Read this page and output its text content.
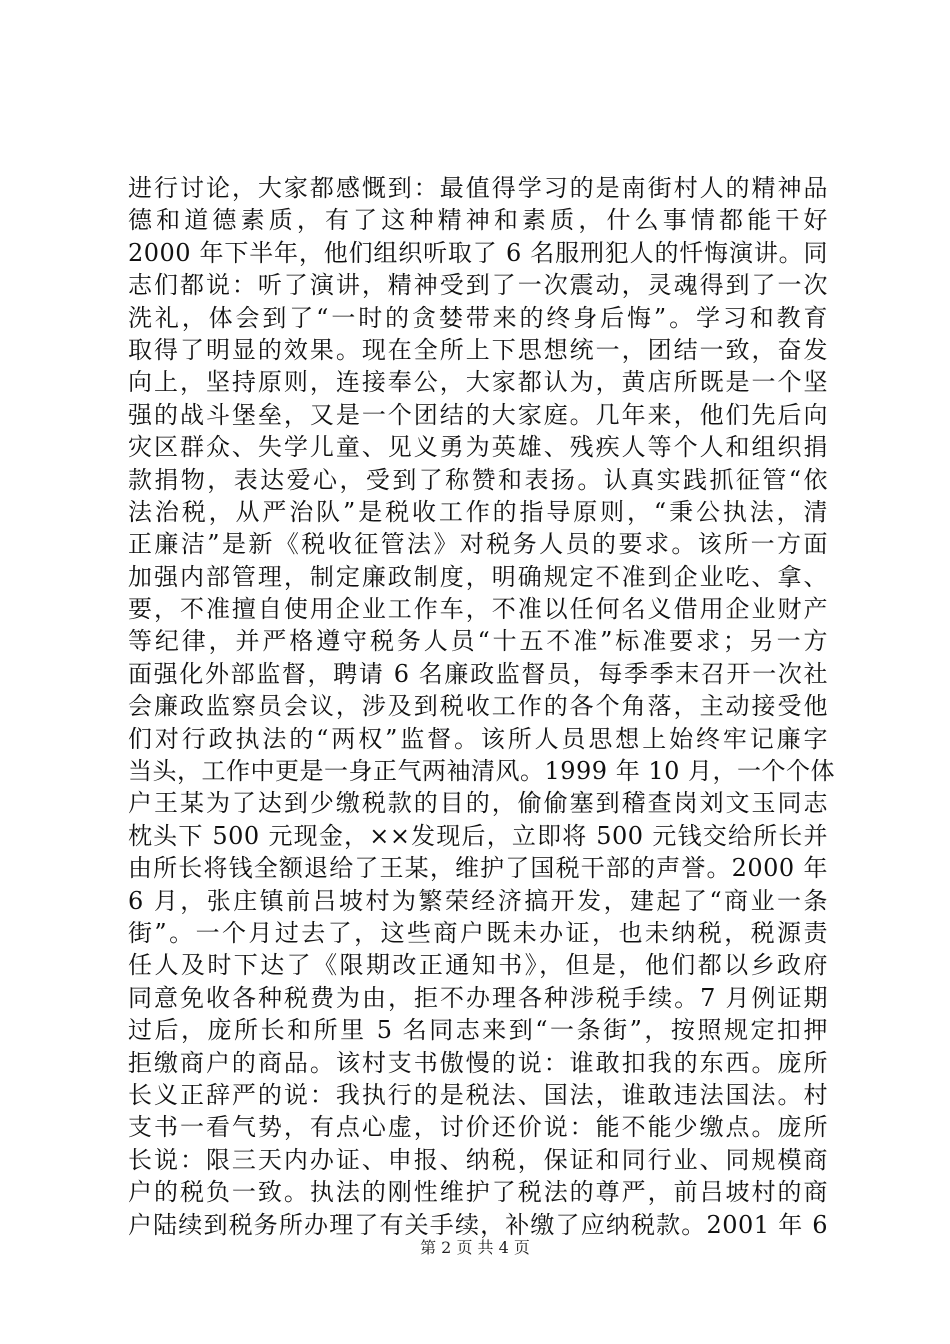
进行讨论，大家都感慨到：最值得学习的是南街村人的精神品
德和道德素质，有了这种精神和素质，什么事情都能干好
2000 年下半年，他们组织听取了 6 名服刑犯人的忏悔演讲。同
志们都说：听了演讲，精神受到了一次震动，灵魂得到了一次
洗礼，体会到了“一时的贪婪带来的终身后悔”。学习和教育
取得了明显的效果。现在全所上下思想统一，团结一致，奋发
向上，坚持原则，连接奉公，大家都认为，黄店所既是一个坚
强的战斗堡垒，又是一个团结的大家庭。几年来，他们先后向
灾区群众、失学儿童、见义勇为英雄、残疾人等个人和组织捐
款捐物，表达爱心，受到了称赞和表扬。认真实践抓征管“依
法治税，从严治队”是税收工作的指导原则，“秉公执法，清
正廉洁”是新《税收征管法》对税务人员的要求。该所一方面
加强内部管理，制定廉政制度，明确规定不准到企业吃、拿、
要，不准擅自使用企业工作车，不准以任何名义借用企业财产
等纪律，并严格遵守税务人员“十五不准”标准要求；另一方
面强化外部监督，聘请 6 名廉政监督员，每季季末召开一次社
会廉政监察员会议，涉及到税收工作的各个角落，主动接受他
们对行政执法的“两权”监督。该所人员思想上始终牢记廉字
当头，工作中更是一身正气两袖清风。1999 年 10 月，一个个体
户王某为了达到少缴税款的目的，偷偷塞到稽查岗刘文玉同志
枕头下 500 元现金，××发现后，立即将 500 元钱交给所长并
由所长将钱全额退给了王某，维护了国税干部的声誉。2000 年
6 月，张庄镇前吕坡村为繁荣经济搞开发，建起了“商业一条
街”。一个月过去了，这些商户既未办证，也未纳税，税源责
任人及时下达了《限期改正通知书》，但是，他们都以乡政府
同意免收各种税费为由，拒不办理各种涉税手续。7 月例证期
过后，庞所长和所里 5 名同志来到“一条街”，按照规定扣押
拒缴商户的商品。该村支书傲慢的说：谁敢扣我的东西。庞所
长义正辞严的说：我执行的是税法、国法，谁敢违法国法。村
支书一看气势，有点心虚，讨价还价说：能不能少缴点。庞所
长说：限三天内办证、申报、纳税，保证和同行业、同规模商
户的税负一致。执法的刚性维护了税法的尊严，前吕坡村的商
户陆续到税务所办理了有关手续，补缴了应纳税款。2001 年 6
第 2 页 共 4 页
